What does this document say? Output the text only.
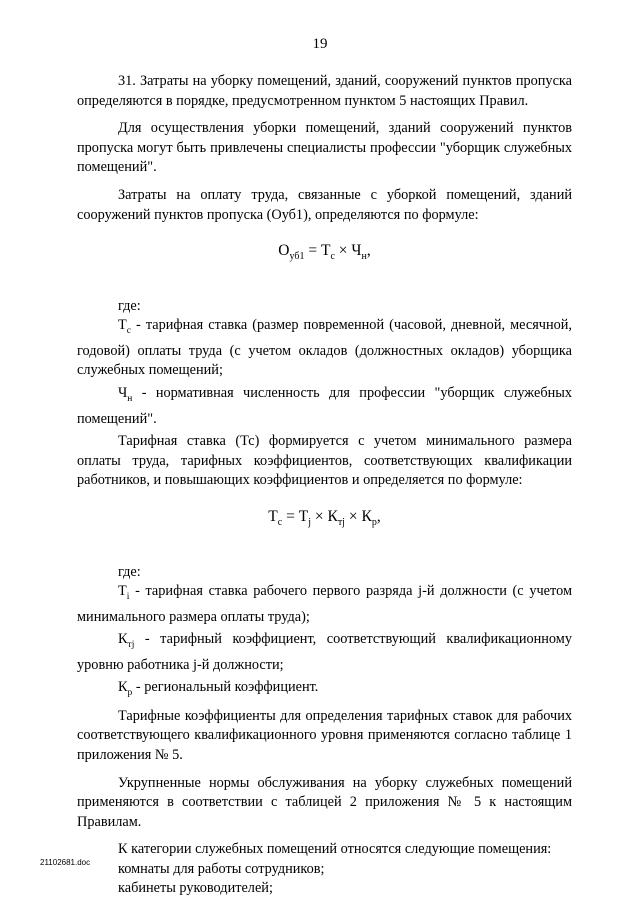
19

31. Затраты на уборку помещений, зданий, сооружений пунктов пропуска определяются в порядке, предусмотренном пунктом 5 настоящих Правил.

Для осуществления уборки помещений, зданий сооружений пунктов пропуска могут быть привлечены специалисты профессии "уборщик служебных помещений".

Затраты на оплату труда, связанные с уборкой помещений, зданий сооружений пунктов пропуска (Оуб1), определяются по формуле:

$О_{уб1} = Т_с \times Ч_н$,

где:

$Т_с$ - тарифная ставка (размер повременной (часовой, дневной, месячной, годовой) оплаты труда (с учетом окладов (должностных окладов) уборщика служебных помещений;

$Ч_н$ - нормативная численность для профессии "уборщик служебных помещений".

Тарифная ставка (Тс) формируется с учетом минимального размера оплаты труда, тарифных коэффициентов, соответствующих квалификации работников, и повышающих коэффициентов и определяется по формуле:

$Т_с = Т_j \times К_{тj} \times К_р$,

где:

$Т_i$ - тарифная ставка рабочего первого разряда j-й должности (с учетом минимального размера оплаты труда);

$К_{тj}$ - тарифный коэффициент, соответствующий квалификационному уровню работника j-й должности;

$К_р$ - региональный коэффициент.

Тарифные коэффициенты для определения тарифных ставок для рабочих соответствующего квалификационного уровня применяются согласно таблице 1 приложения № 5.

Укрупненные нормы обслуживания на уборку служебных помещений применяются в соответствии с таблицей 2 приложения № 5 к настоящим Правилам.

К категории служебных помещений относятся следующие помещения:

комнаты для работы сотрудников;

кабинеты руководителей;

21102681.doc
